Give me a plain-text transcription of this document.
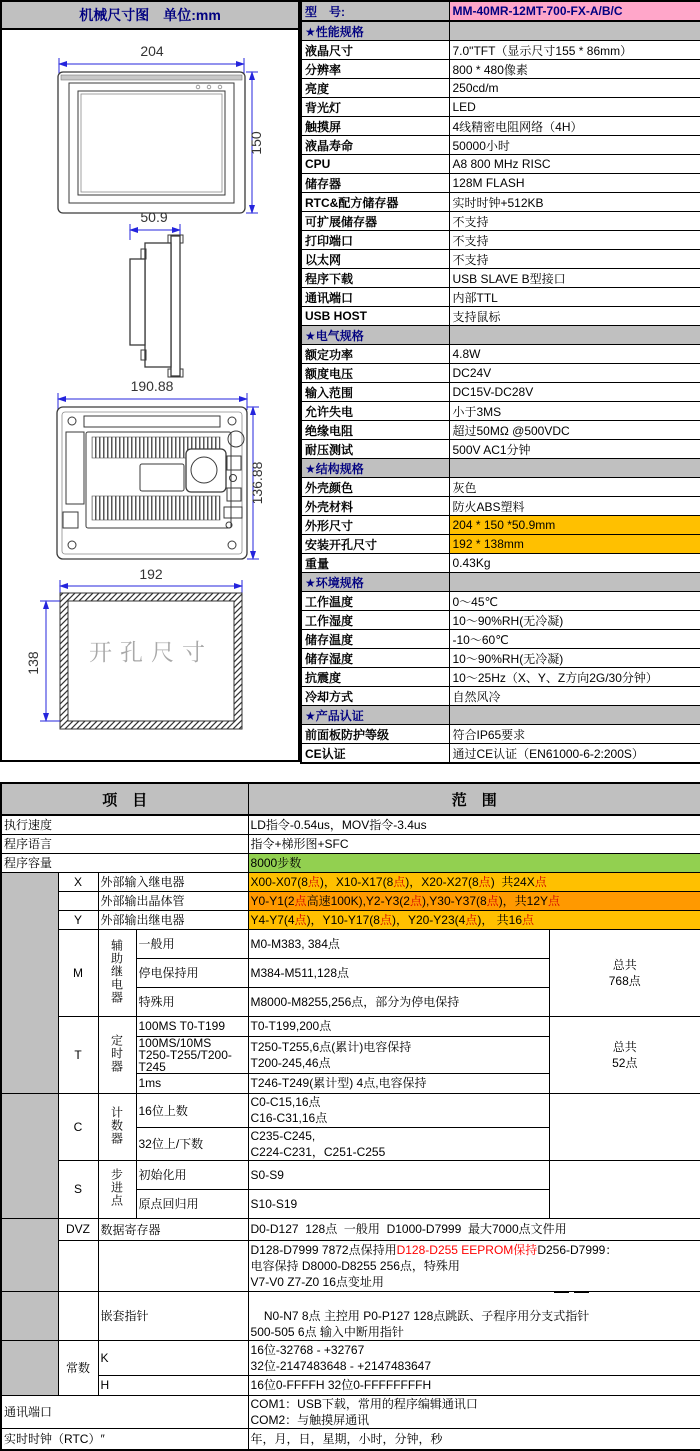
机械尺寸图　单位:mm
204
150
50.9
190.88
136.88
192
开孔尺寸
138
型　号:	MM-40MR-12MT-700-FX-A/B/C
★性能规格	
液晶尺寸	7.0"TFT（显示尺寸155 * 86mm）
分辨率	800 * 480像素
亮度	250cd/m
背光灯	LED
触摸屏	4线精密电阻网络（4H）
液晶寿命	50000小时
CPU	A8 800 MHz RISC
储存器	128M FLASH
RTC&配方储存器	实时时钟+512KB
可扩展储存器	不支持
打印端口	不支持
以太网	不支持
程序下载	USB SLAVE B型接口
通讯端口	内部TTL
USB HOST	支持鼠标
★电气规格	
额定功率	4.8W
额度电压	DC24V
输入范围	DC15V-DC28V
允许失电	小于3MS
绝缘电阻	超过50MΩ @500VDC
耐压测试	500V AC1分钟
★结构规格	
外壳颜色	灰色
外壳材料	防火ABS塑料
外形尺寸	204 * 150 *50.9mm
安装开孔尺寸	192 * 138mm
重量	0.43Kg
★环境规格	
工作温度	0～45℃
工作湿度	10～90%RH(无冷凝)
储存温度	-10～60℃
储存湿度	10～90%RH(无冷凝)
抗震度	10～25Hz（X、Y、Z方向2G/30分钟）
冷却方式	自然风冷
★产品认证	
前面板防护等级	符合IP65要求
CE认证	通过CE认证（EN61000-6-2:200S）
项　目				范　围	
执行速度				LD指令-0.54us，MOV指令-3.4us	
程序语言				指令+梯形图+SFC	
程序容量				8000步数	
	X	外部输入继电器		X00-X07(8点)，X10-X17(8点)，X20-X27(8点)  共24X点	
		外部输出晶体管		Y0-Y1(2点高速100K),Y2-Y3(2点),Y30-Y37(8点)，共12Y点	
	Y	外部输出继电器		Y4-Y7(4点)，Y10-Y17(8点)，Y20-Y23(4点)， 共16点	
	M	辅助继电器	一般用	M0-M383, 384点	总共
768点
			停电保持用	M384-M511,128点	
			特殊用	M8000-M8255,256点，部分为停电保持	
	T	定时器	100MS T0-T199	T0-T199,200点	总共
52点
			100MS/10MS T250-T255/T200-T245	T250-T255,6点(累计)电容保持
T200-245,46点	
			1ms	T246-T249(累计型) 4点,电容保持	
	C	计数器	16位上数	C0-C15,16点
C16-C31,16点	
			32位上/下数	C235-C245,
C224-C231，C251-C255	
	S	步进点	初始化用	S0-S9	
			原点回归用	S10-S19	
	DVZ	数据寄存器		D0-D127  128点  一般用  D1000-D7999  最大7000点文件用	
				D128-D7999 7872点保持用D128-D255 EEPROM保持D256-D7999：
电容保持 D8000-D8255 256点，特殊用
V7-V0 Z7-Z0 16点变址用	
		嵌套指针		N0-N7 8点 主控用 P0-P127 128点跳跃、子程序用分支式指针
500-505 6点 输入中断用指针	

	常数	K		16位-32768 - +32767
32位-2147483648 - +2147483647	
		H		16位0-FFFFH 32位0-FFFFFFFFH	
通讯端口				COM1：USB下载，常用的程序编辑通讯口
COM2：与触摸屏通讯	
实时时钟（RTC）″				年，月，日，星期，小时，分钟，秒	
